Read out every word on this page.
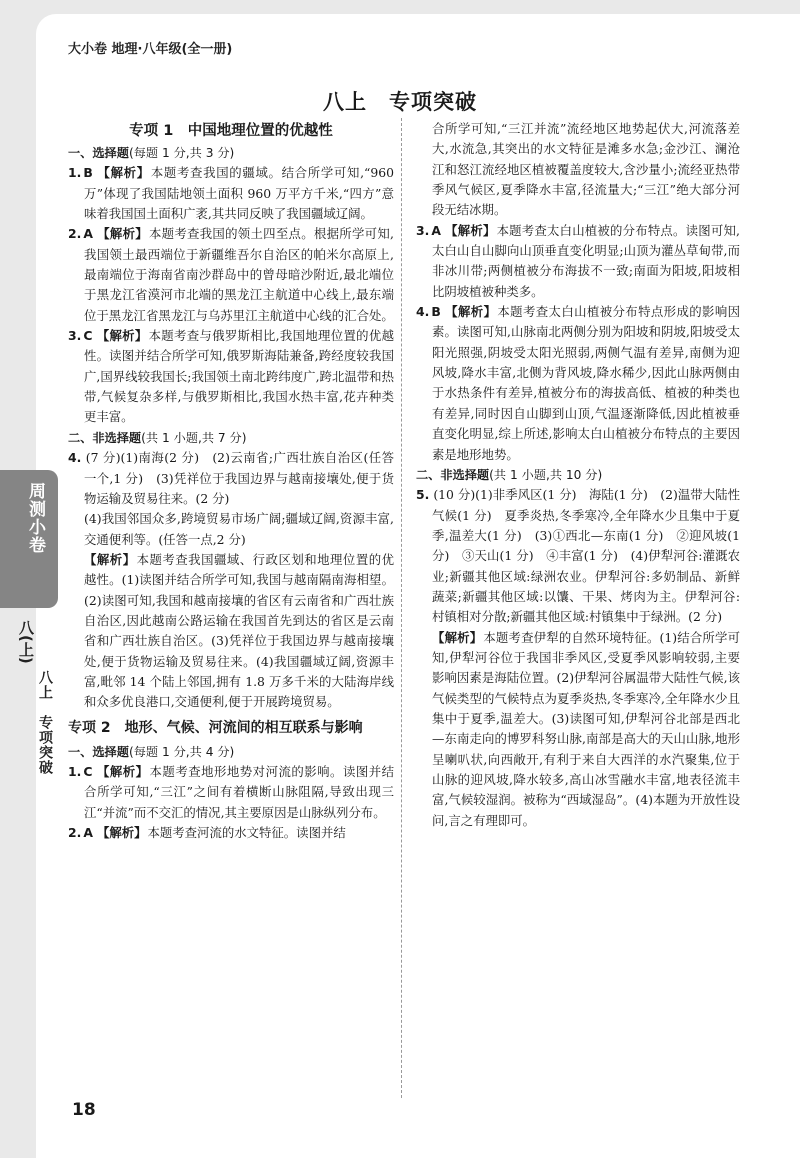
大小卷 地理·八年级(全一册)
八上　专项突破

专项 1　中国地理位置的优越性

一、选择题(每题 1 分,共 3 分)

1. B 【解析】本题考查我国的疆域。结合所学可知,“960 万”体现了我国陆地领土面积 960 万平方千米,“四方”意味着我国国土面积广袤,其共同反映了我国疆域辽阔。

2. A 【解析】本题考查我国的领土四至点。根据所学可知,我国领土最西端位于新疆维吾尔自治区的帕米尔高原上,最南端位于海南省南沙群岛中的曾母暗沙附近,最北端位于黑龙江省漠河市北端的黑龙江主航道中心线上,最东端位于黑龙江省黑龙江与乌苏里江主航道中心线的汇合处。

3. C 【解析】本题考查与俄罗斯相比,我国地理位置的优越性。读图并结合所学可知,俄罗斯海陆兼备,跨经度较我国广,国界线较我国长;我国领土南北跨纬度广,跨北温带和热带,气候复杂多样,与俄罗斯相比,我国水热丰富,花卉种类更丰富。

二、非选择题(共 1 小题,共 7 分)

4. (7 分)(1)南海(2 分)　(2)云南省;广西壮族自治区(任答一个,1 分)　(3)凭祥位于我国边界与越南接壤处,便于货物运输及贸易往来。(2 分)

(4)我国邻国众多,跨境贸易市场广阔;疆域辽阔,资源丰富,交通便利等。(任答一点,2 分)

【解析】本题考查我国疆域、行政区划和地理位置的优越性。(1)读图并结合所学可知,我国与越南隔南海相望。(2)读图可知,我国和越南接壤的省区有云南省和广西壮族自治区,因此越南公路运输在我国首先到达的省区是云南省和广西壮族自治区。(3)凭祥位于我国边界与越南接壤处,便于货物运输及贸易往来。(4)我国疆域辽阔,资源丰富,毗邻 14 个陆上邻国,拥有 1.8 万多千米的大陆海岸线和众多优良港口,交通便利,便于开展跨境贸易。

专项 2　地形、气候、河流间的相互联系与影响

一、选择题(每题 1 分,共 4 分)

1. C 【解析】本题考查地形地势对河流的影响。读图并结合所学可知,“三江”之间有着横断山脉阻隔,导致出现三江“并流”而不交汇的情况,其主要原因是山脉纵列分布。

2. A 【解析】本题考查河流的水文特征。读图并结

合所学可知,“三江并流”流经地区地势起伏大,河流落差大,水流急,其突出的水文特征是滩多水急;金沙江、澜沧江和怒江流经地区植被覆盖度较大,含沙量小;流经亚热带季风气候区,夏季降水丰富,径流量大;“三江”绝大部分河段无结冰期。

3. A 【解析】本题考查太白山植被的分布特点。读图可知,太白山自山脚向山顶垂直变化明显;山顶为灌丛草甸带,而非冰川带;两侧植被分布海拔不一致;南面为阳坡,阳坡相比阴坡植被种类多。

4. B 【解析】本题考查太白山植被分布特点形成的影响因素。读图可知,山脉南北两侧分别为阳坡和阴坡,阳坡受太阳光照强,阴坡受太阳光照弱,两侧气温有差异,南侧为迎风坡,降水丰富,北侧为背风坡,降水稀少,因此山脉两侧由于水热条件有差异,植被分布的海拔高低、植被的种类也有差异,同时因自山脚到山顶,气温逐渐降低,因此植被垂直变化明显,综上所述,影响太白山植被分布特点的主要因素是地形地势。

二、非选择题(共 1 小题,共 10 分)

5. (10 分)(1)非季风区(1 分)　海陆(1 分)　(2)温带大陆性气候(1 分)　夏季炎热,冬季寒冷,全年降水少且集中于夏季,温差大(1 分)　(3)①西北—东南(1 分)　②迎风坡(1 分)　③天山(1 分)　④丰富(1 分)　(4)伊犁河谷:灌溉农业;新疆其他区域:绿洲农业。伊犁河谷:多奶制品、新鲜蔬菜;新疆其他区域:以馕、干果、烤肉为主。伊犁河谷:村镇相对分散;新疆其他区域:村镇集中于绿洲。(2 分)

【解析】本题考查伊犁的自然环境特征。(1)结合所学可知,伊犁河谷位于我国非季风区,受夏季风影响较弱,主要影响因素是海陆位置。(2)伊犁河谷属温带大陆性气候,该气候类型的气候特点为夏季炎热,冬季寒冷,全年降水少且集中于夏季,温差大。(3)读图可知,伊犁河谷北部是西北—东南走向的博罗科努山脉,南部是高大的天山山脉,地形呈喇叭状,向西敞开,有利于来自大西洋的水汽聚集,位于山脉的迎风坡,降水较多,高山冰雪融水丰富,地表径流丰富,气候较湿润。被称为“西域湿岛”。(4)本题为开放性设问,言之有理即可。

周测小卷
八(上)
八上　专项突破
18
